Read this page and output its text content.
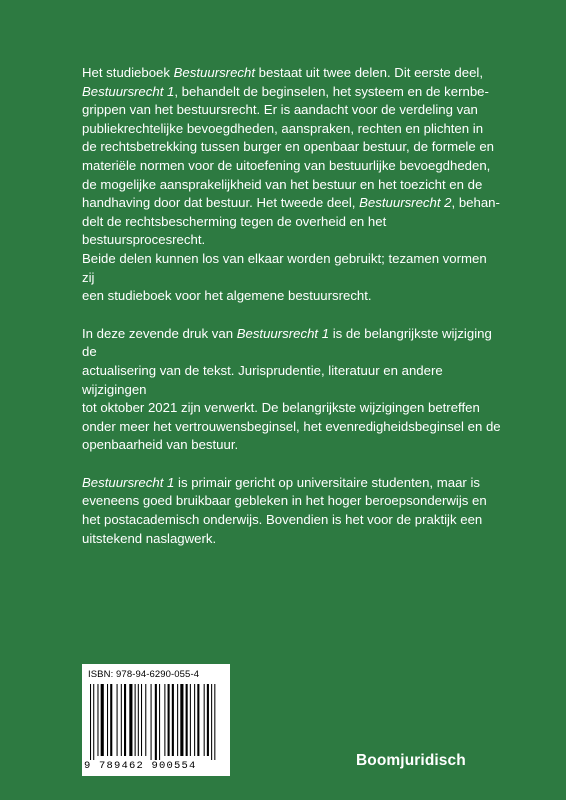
Het studieboek Bestuursrecht bestaat uit twee delen. Dit eerste deel,
Bestuursrecht 1, behandelt de beginselen, het systeem en de kernbe-
grippen van het bestuursrecht. Er is aandacht voor de verdeling van
publiekrechtelijke bevoegdheden, aanspraken, rechten en plichten in
de rechtsbetrekking tussen burger en openbaar bestuur, de formele en
materiële normen voor de uitoefening van bestuurlijke bevoegdheden,
de mogelijke aansprakelijkheid van het bestuur en het toezicht en de
handhaving door dat bestuur. Het tweede deel, Bestuursrecht 2, behan-
delt de rechtsbescherming tegen de overheid en het bestuursprocesrecht.
Beide delen kunnen los van elkaar worden gebruikt; tezamen vormen zij
een studieboek voor het algemene bestuursrecht.

In deze zevende druk van Bestuursrecht 1 is de belangrijkste wijziging de
actualisering van de tekst. Jurisprudentie, literatuur en andere wijzigingen
tot oktober 2021 zijn verwerkt. De belangrijkste wijzigingen betreffen
onder meer het vertrouwensbeginsel, het evenredigheidsbeginsel en de
openbaarheid van bestuur.

Bestuursrecht 1 is primair gericht op universitaire studenten, maar is
eveneens goed bruikbaar gebleken in het hoger beroepsonderwijs en
het postacademisch onderwijs. Bovendien is het voor de praktijk een
uitstekend naslagwerk.

ISBN: 978-94-6290-055-4
9 789462 900554	Boomjuridisch
